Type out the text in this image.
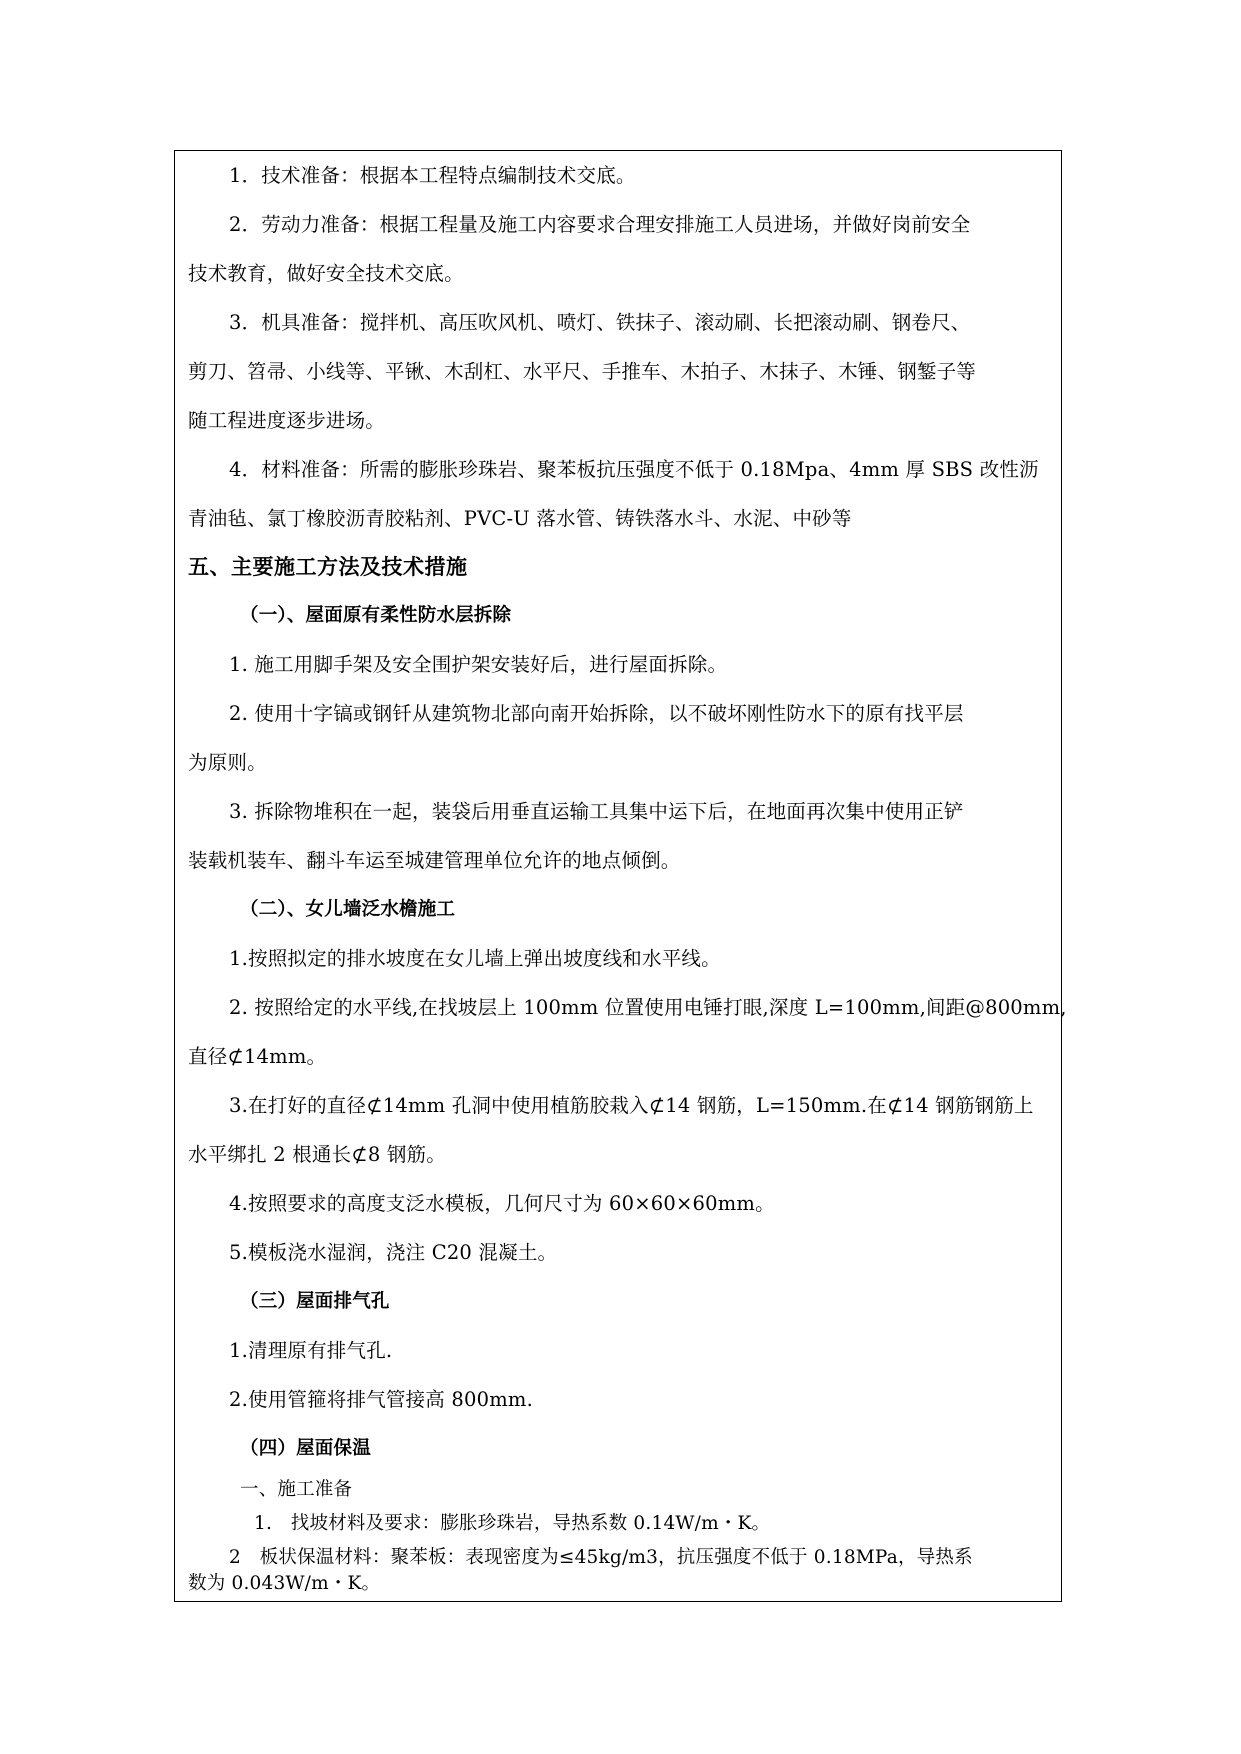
1．技术准备：根据本工程特点编制技术交底。
2．劳动力准备：根据工程量及施工内容要求合理安排施工人员进场，并做好岗前安全
技术教育，做好安全技术交底。
3．机具准备：搅拌机、高压吹风机、喷灯、铁抹子、滚动刷、长把滚动刷、钢卷尺、
剪刀、笤帚、小线等、平锹、木刮杠、水平尺、手推车、木拍子、木抹子、木锤、钢錾子等
随工程进度逐步进场。
4．材料准备：所需的膨胀珍珠岩、聚苯板抗压强度不低于 0.18Mpa、4mm 厚 SBS 改性沥
青油毡、氯丁橡胶沥青胶粘剂、PVC-U 落水管、铸铁落水斗、水泥、中砂等
五、主要施工方法及技术措施
（一）、屋面原有柔性防水层拆除
1. 施工用脚手架及安全围护架安装好后，进行屋面拆除。
2. 使用十字镐或钢钎从建筑物北部向南开始拆除，以不破坏刚性防水下的原有找平层
为原则。
3. 拆除物堆积在一起，装袋后用垂直运输工具集中运下后，在地面再次集中使用正铲
装载机装车、翻斗车运至城建管理单位允许的地点倾倒。
（二）、女儿墙泛水檐施工
1.按照拟定的排水坡度在女儿墙上弹出坡度线和水平线。
2. 按照给定的水平线,在找坡层上 100mm 位置使用电锤打眼,深度 L=100mm,间距@800mm,
直径⊄14mm。
3.在打好的直径⊄14mm 孔洞中使用植筋胶栽入⊄14 钢筋，L=150mm.在⊄14 钢筋钢筋上
水平绑扎 2 根通长⊄8 钢筋。
4.按照要求的高度支泛水模板，几何尺寸为 60×60×60mm。
5.模板浇水湿润，浇注 C20 混凝土。
（三）屋面排气孔
1.清理原有排气孔.
2.使用管箍将排气管接高 800mm.
（四）屋面保温
一、施工准备
1.　找坡材料及要求：膨胀珍珠岩，导热系数 0.14W/m・K。
2　板状保温材料：聚苯板：表现密度为≤45kg/m3，抗压强度不低于 0.18MPa，导热系
数为 0.043W/m・K。
